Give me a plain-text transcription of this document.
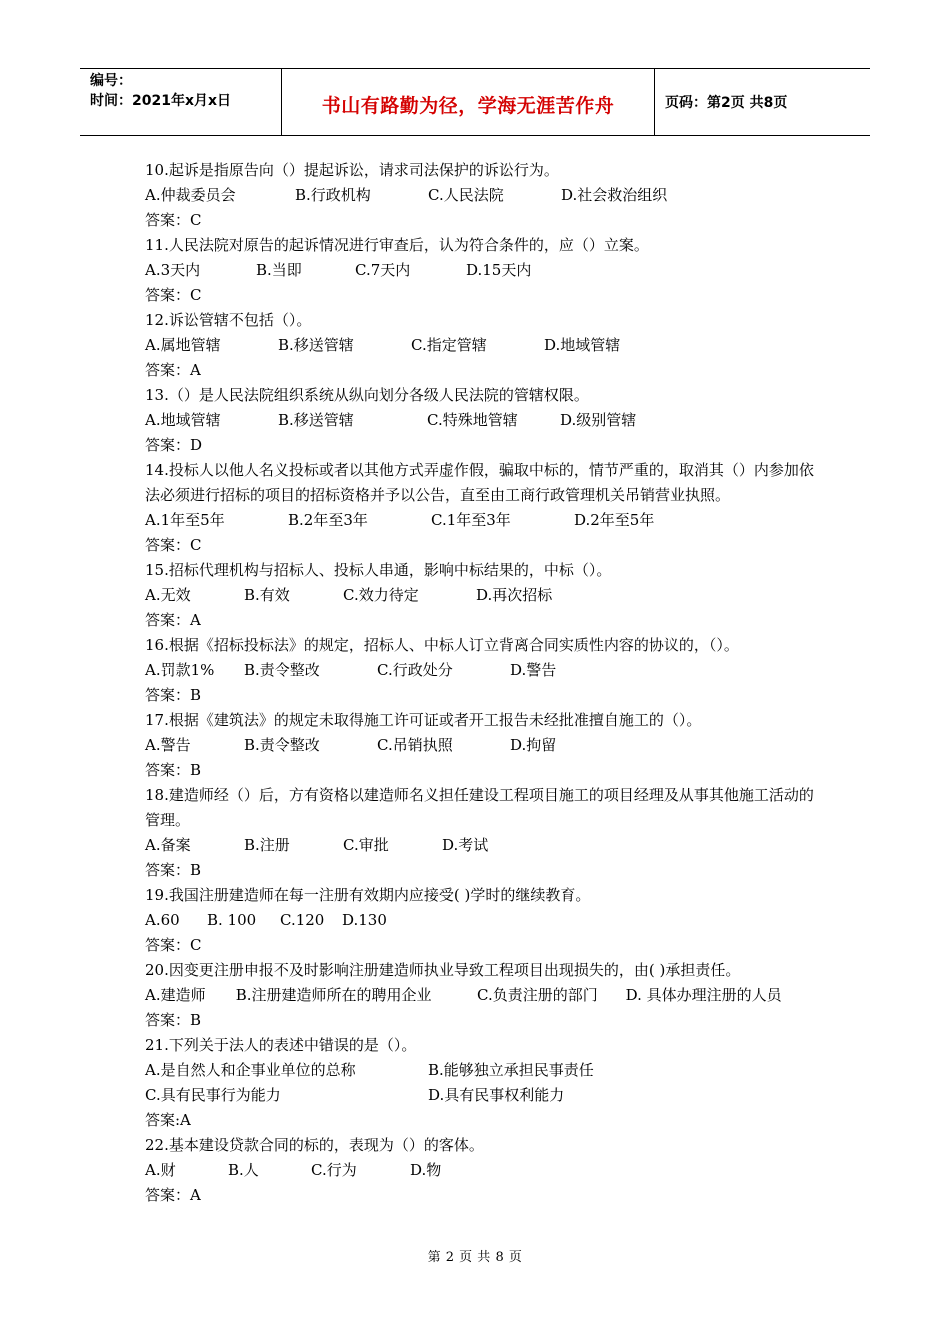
编号：
时间：2021年x月x日	书山有路勤为径，学海无涯苦作舟	页码：第2页 共8页
10.起诉是指原告向（）提起诉讼，请求司法保护的诉讼行为。
A.仲裁委员会	B.行政机构	C.人民法院	D.社会救治组织
答案：C
11.人民法院对原告的起诉情况进行审查后，认为符合条件的，应（）立案。
A.3天内	B.当即	C.7天内	D.15天内
答案：C
12.诉讼管辖不包括（）。
A.属地管辖	B.移送管辖	C.指定管辖	D.地域管辖
答案：A
13.（）是人民法院组织系统从纵向划分各级人民法院的管辖权限。
A.地域管辖	B.移送管辖	C.特殊地管辖	D.级别管辖
答案：D
14.投标人以他人名义投标或者以其他方式弄虚作假，骗取中标的，情节严重的，取消其（）内参加依法必须进行招标的项目的招标资格并予以公告，直至由工商行政管理机关吊销营业执照。
A.1年至5年	B.2年至3年	C.1年至3年	D.2年至5年
答案：C
15.招标代理机构与招标人、投标人串通，影响中标结果的，中标（）。
A.无效	B.有效	C.效力待定	D.再次招标
答案：A
16.根据《招标投标法》的规定，招标人、中标人订立背离合同实质性内容的协议的，（）。
A.罚款1%	B.责令整改	C.行政处分	D.警告
答案：B
17.根据《建筑法》的规定未取得施工许可证或者开工报告未经批准擅自施工的（）。
A.警告	B.责令整改	C.吊销执照	D.拘留
答案：B
18.建造师经（）后，方有资格以建造师名义担任建设工程项目施工的项目经理及从事其他施工活动的管理。
A.备案	B.注册	C.审批	D.考试
答案：B
19.我国注册建造师在每一注册有效期内应接受( )学时的继续教育。
A.60	B. 100	C.120	D.130
答案：C
20.因变更注册申报不及时影响注册建造师执业导致工程项目出现损失的，由( )承担责任。
A.建造师	B.注册建造师所在的聘用企业	C.负责注册的部门	D. 具体办理注册的人员
答案：B
21.下列关于法人的表述中错误的是（）。
A.是自然人和企事业单位的总称	B.能够独立承担民事责任
C.具有民事行为能力	D.具有民事权利能力
答案:A
22.基本建设贷款合同的标的，表现为（）的客体。
A.财	B.人	C.行为	D.物
答案：A
第 2 页 共 8 页
